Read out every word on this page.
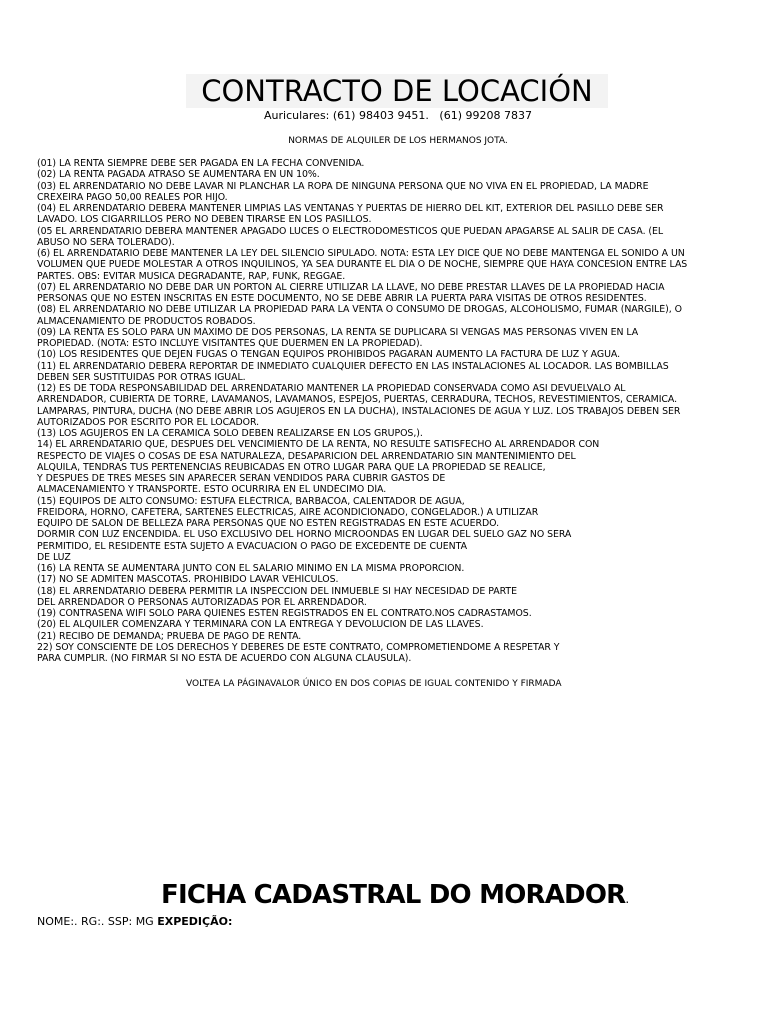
CONTRACTO DE LOCACIÓN
Auriculares: (61) 98403 9451.   (61) 99208 7837
NORMAS DE ALQUILER DE LOS HERMANOS JOTA.
(01) LA RENTA SIEMPRE DEBE SER PAGADA EN LA FECHA CONVENIDA.
(02) LA RENTA PAGADA ATRASO SE AUMENTARA EN UN 10%.
(03) EL ARRENDATARIO NO DEBE LAVAR NI PLANCHAR LA ROPA DE NINGUNA PERSONA QUE NO VIVA EN EL PROPIEDAD, LA MADRE
CREXEIRA PAGO 50,00 REALES POR HIJO.
(04) EL ARRENDATARIO DEBERÁ MANTENER LIMPIAS LAS VENTANAS Y PUERTAS DE HIERRO DEL KIT, EXTERIOR DEL PASILLO DEBE SER
LAVADO. LOS CIGARRILLOS PERO NO DEBEN TIRARSE EN LOS PASILLOS.
(05 EL ARRENDATARIO DEBERÁ MANTENER APAGADO LUCES O ELECTRODOMÉSTICOS QUE PUEDAN APAGARSE AL SALIR DE CASA. (EL
ABUSO NO SERÁ TOLERADO).
(6) EL ARRENDATARIO DEBE MANTENER LA LEY DEL SILENCIO SIPULADO. NOTA: ESTA LEY DICE QUE NO DEBE MANTENGA EL SONIDO A UN
VOLUMEN QUE PUEDE MOLESTAR A OTROS INQUILINOS, YA SEA DURANTE EL DÍA O DE NOCHE, SIEMPRE QUE HAYA CONCESIÓN ENTRE LAS
PARTES. OBS: EVITAR MÚSICA DEGRADANTE, RAP, FUNK, REGGAE.
(07) EL ARRENDATARIO NO DEBE DAR UN PORTÓN AL CIERRE UTILIZAR LA LLAVE, NO DEBE PRESTAR LLAVES DE LA PROPIEDAD HACIA
PERSONAS QUE NO ESTÉN INSCRITAS EN ESTE DOCUMENTO, NO SE DEBE ABRIR LA PUERTA PARA VISITAS DE OTROS RESIDENTES.
(08) EL ARRENDATARIO NO DEBE UTILIZAR LA PROPIEDAD PARA LA VENTA O CONSUMO DE DROGAS, ALCOHOLISMO, FUMAR (NARGILÉ), O
ALMACENAMIENTO DE PRODUCTOS ROBADOS.
(09) LA RENTA ES SOLO PARA UN MÁXIMO DE DOS PERSONAS, LA RENTA SE DUPLICARÁ SI VENGAS MÁS PERSONAS VIVEN EN LA
PROPIEDAD. (NOTA: ESTO INCLUYE VISITANTES QUE DUERMEN EN LA PROPIEDAD).
(10) LOS RESIDENTES QUE DEJEN FUGAS O TENGAN EQUIPOS PROHIBIDOS PAGARÁN AUMENTO LA FACTURA DE LUZ Y AGUA.
(11) EL ARRENDATARIO DEBERÁ REPORTAR DE INMEDIATO CUALQUIER DEFECTO EN LAS INSTALACIONES AL LOCADOR. LAS BOMBILLAS
DEBEN SER SUSTITUIDAS POR OTRAS IGUAL.
(12) ES DE TODA RESPONSABILIDAD DEL ARRENDATARIO MANTENER LA PROPIEDAD CONSERVADA COMO ASI DEVUÉLVALO AL
ARRENDADOR, CUBIERTA DE TORRE, LAVAMANOS, LAVAMANOS, ESPEJOS, PUERTAS, CERRADURA, TECHOS, REVESTIMIENTOS, CERAMICA.
LÁMPARAS, PINTURA, DUCHA (NO DEBE ABRIR LOS AGUJEROS EN LA DUCHA), INSTALACIONES DE AGUA Y LUZ. LOS TRABAJOS DEBEN SER
AUTORIZADOS POR ESCRITO POR EL LOCADOR.
(13) LOS AGUJEROS EN LA CERAMICA SOLO DEBEN REALIZARSE EN LOS GRUPOS,).
14) EL ARRENDATARIO QUE, DESPUÉS DEL VENCIMIENTO DE LA RENTA, NO RESULTE SATISFECHO AL ARRENDADOR CON
RESPECTO DE VIAJES O COSAS DE ESA NATURALEZA, DESAPARICIÓN DEL ARRENDATARIO SIN MANTENIMIENTO DEL
ALQUILA, TENDRÁS TUS PERTENENCIAS REUBICADAS EN OTRO LUGAR PARA QUE LA PROPIEDAD SE REALICE,
Y DESPUÉS DE TRES MESES SIN APARECER SERÁN VENDIDOS PARA CUBRIR GASTOS DE
ALMACENAMIENTO Y TRANSPORTE. ESTO OCURRIRÁ EN EL UNDÉCIMO DÍA.
(15) EQUIPOS DE ALTO CONSUMO: ESTUFA ELÉCTRICA, BARBACOA, CALENTADOR DE AGUA,
FREIDORA, HORNO, CAFETERA, SARTENES ELÉCTRICAS, AIRE ACONDICIONADO, CONGELADOR.) A UTILIZAR
EQUIPO DE SALÓN DE BELLEZA PARA PERSONAS QUE NO ESTÉN REGISTRADAS EN ESTE ACUERDO.
DORMIR CON LUZ ENCENDIDA. EL USO EXCLUSIVO DEL HORNO MICROONDAS EN LUGAR DEL SUELO GAZ NO SERÁ
PERMITIDO, EL RESIDENTE ESTÁ SUJETO A EVACUACIÓN O PAGO DE EXCEDENTE DE CUENTA
DE LUZ
(16) LA RENTA SE AUMENTARÁ JUNTO CON EL SALARIO MÍNIMO EN LA MISMA PROPORCIÓN.
(17) NO SE ADMITEN MASCOTAS. PROHIBIDO LAVAR VEHÍCULOS.
(18) EL ARRENDATARIO DEBERÁ PERMITIR LA INSPECCIÓN DEL INMUEBLE SI HAY NECESIDAD DE PARTE
DEL ARRENDADOR O PERSONAS AUTORIZADAS POR EL ARRENDADOR.
(19) CONTRASEÑA WIFI SOLO PARA QUIENES ESTÉN REGISTRADOS EN EL CONTRATO.NOS CADRASTAMOS.
(20) EL ALQUILER COMENZARÁ Y TERMINARÁ CON LA ENTREGA Y DEVOLUCIÓN DE LAS LLAVES.
(21) RECIBO DE DEMANDA; PRUEBA DE PAGO DE RENTA.
22) SOY CONSCIENTE DE LOS DERECHOS Y DEBERES DE ESTE CONTRATO, COMPROMETIENDOME A RESPETAR Y
PARA CUMPLIR. (NO FIRMAR SI NO ESTÁ DE ACUERDO CON ALGUNA CLÁUSULA).
VOLTEA LA PÁGINAVALOR ÚNICO EN DOS COPIAS DE IGUAL CONTENIDO Y FIRMADA
FICHA CADASTRAL DO MORADOR.
NOME:. RG:. SSP: MG EXPEDIÇÃO:
